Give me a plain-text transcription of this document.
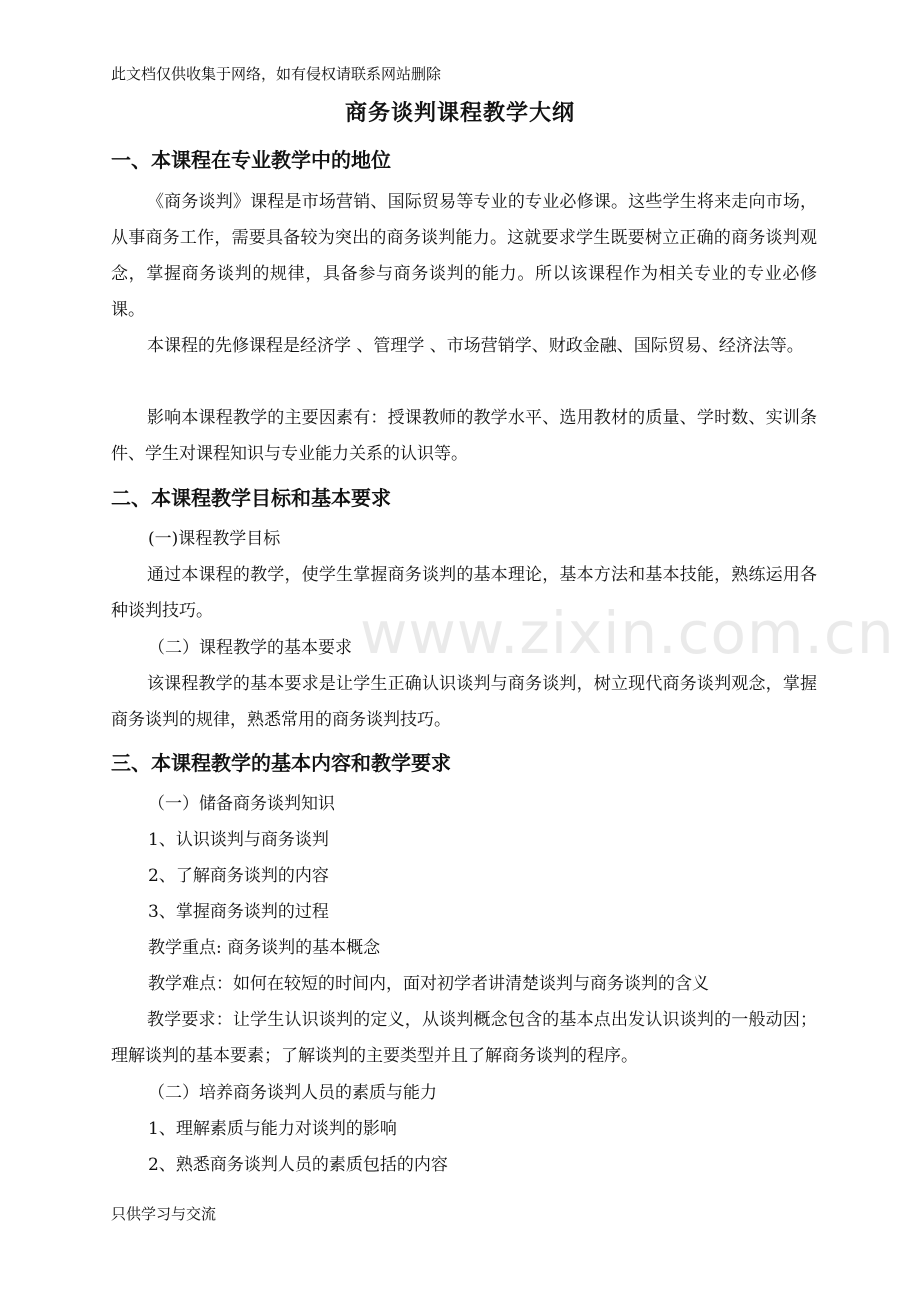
此文档仅供收集于网络，如有侵权请联系网站删除
商务谈判课程教学大纲
一、本课程在专业教学中的地位
《商务谈判》课程是市场营销、国际贸易等专业的专业必修课。这些学生将来走向市场，从事商务工作，需要具备较为突出的商务谈判能力。这就要求学生既要树立正确的商务谈判观念，掌握商务谈判的规律，具备参与商务谈判的能力。所以该课程作为相关专业的专业必修课。
本课程的先修课程是经济学 、管理学 、市场营销学、财政金融、国际贸易、经济法等。
影响本课程教学的主要因素有：授课教师的教学水平、选用教材的质量、学时数、实训条件、学生对课程知识与专业能力关系的认识等。
二、本课程教学目标和基本要求
(一)课程教学目标
通过本课程的教学，使学生掌握商务谈判的基本理论，基本方法和基本技能，熟练运用各种谈判技巧。
（二）课程教学的基本要求
该课程教学的基本要求是让学生正确认识谈判与商务谈判，树立现代商务谈判观念，掌握商务谈判的规律，熟悉常用的商务谈判技巧。
三、本课程教学的基本内容和教学要求
（一）储备商务谈判知识
1、认识谈判与商务谈判
2、了解商务谈判的内容
3、掌握商务谈判的过程
教学重点: 商务谈判的基本概念
教学难点：如何在较短的时间内，面对初学者讲清楚谈判与商务谈判的含义
教学要求：让学生认识谈判的定义，从谈判概念包含的基本点出发认识谈判的一般动因；理解谈判的基本要素；了解谈判的主要类型并且了解商务谈判的程序。
（二）培养商务谈判人员的素质与能力
1、理解素质与能力对谈判的影响
2、熟悉商务谈判人员的素质包括的内容
只供学习与交流
www.zixin.com.cn
